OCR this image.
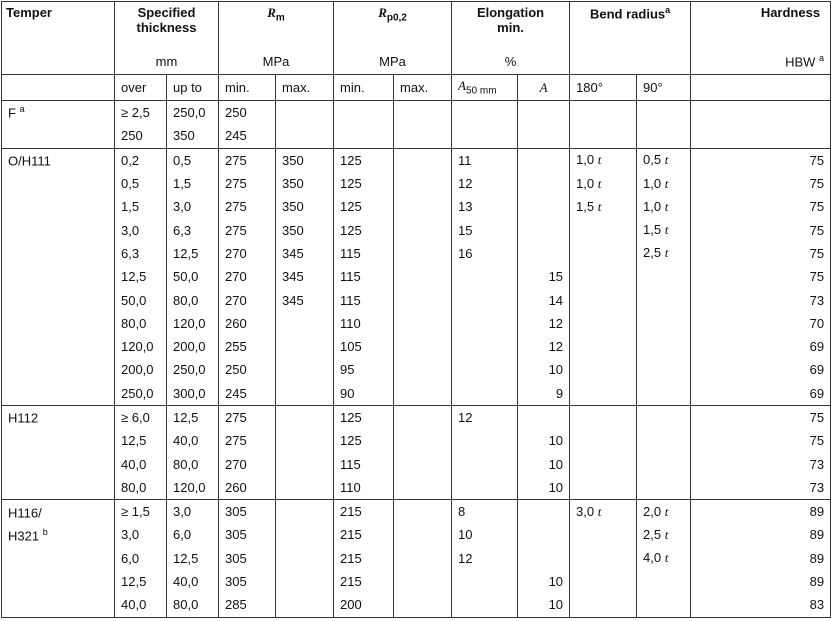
Temper	Specified
thickness		$R_m$		$R_{p0,2}$		Elongation
min.		Bend radius$^a$		Hardness
	mm		MPa		MPa		%				HBW $^a$
	over	up to	min.	max.	min.	max.	$A_{50 mm}$	A	180°	90°	
F $^a$	≥ 2,5	250,0	250								
	250	350	245								
O/H111	0,2	0,5	275	350	125		11		1,0 t	0,5 t	75
	0,5	1,5	275	350	125		12		1,0 t	1,0 t	75
	1,5	3,0	275	350	125		13		1,5 t	1,0 t	75
	3,0	6,3	275	350	125		15			1,5 t	75
	6,3	12,5	270	345	115		16			2,5 t	75
	12,5	50,0	270	345	115			15			75
	50,0	80,0	270	345	115			14			73
	80,0	120,0	260		110			12			70
	120,0	200,0	255		105			12			69
	200,0	250,0	250		95			10			69
	250,0	300,0	245		90			9			69
H112	≥ 6,0	12,5	275		125		12				75
	12,5	40,0	275		125			10			75
	40,0	80,0	270		115			10			73
	80,0	120,0	260		110			10			73
H116/	≥ 1,5	3,0	305		215		8		3,0 t	2,0 t	89
H321 $^b$	3,0	6,0	305		215		10			2,5 t	89
	6,0	12,5	305		215		12			4,0 t	89
	12,5	40,0	305		215			10			89
	40,0	80,0	285		200			10			83
